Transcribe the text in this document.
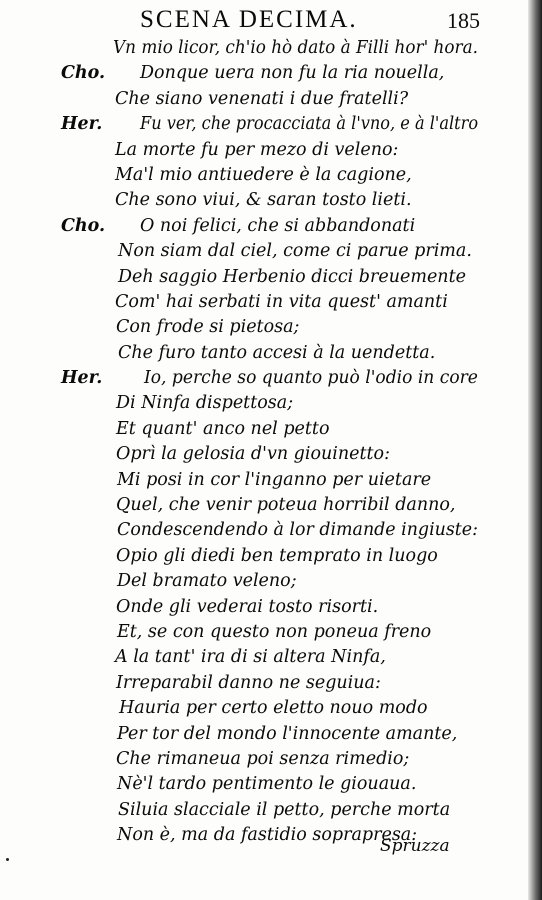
SCENA DECIMA.	185
Vn mio licor, ch'io hò dato à Filli hor' hora.
Cho. Donque uera non fu la ria nouella,
Che siano venenati i due fratelli?
Her. Fu ver, che procacciata à l'vno, e à l'altro
La morte fu per mezo di veleno:
Ma'l mio antiuedere è la cagione,
Che sono viui, & saran tosto lieti.
Cho. O noi felici, che si abbandonati
Non siam dal ciel, come ci parue prima.
Deh saggio Herbenio dicci breuemente
Com' hai serbati in vita quest' amanti
Con frode si pietosa;
Che furo tanto accesi à la uendetta.
Her. Io, perche so quanto può l'odio in core
Di Ninfa dispettosa;
Et quant' anco nel petto
Oprì la gelosia d'vn giouinetto:
Mi posi in cor l'inganno per uietare
Quel, che venir poteua horribil danno,
Condescendendo à lor dimande ingiuste:
Opio gli diedi ben temprato in luogo
Del bramato veleno;
Onde gli vederai tosto risorti.
Et, se con questo non poneua freno
A la tant' ira di si altera Ninfa,
Irreparabil danno ne seguiua:
Hauria per certo eletto nouo modo
Per tor del mondo l'innocente amante,
Che rimaneua poi senza rimedio;
Nè'l tardo pentimento le giouaua.
Siluia slacciale il petto, perche morta
Non è, ma da fastidio soprapresa:
Spruzza
